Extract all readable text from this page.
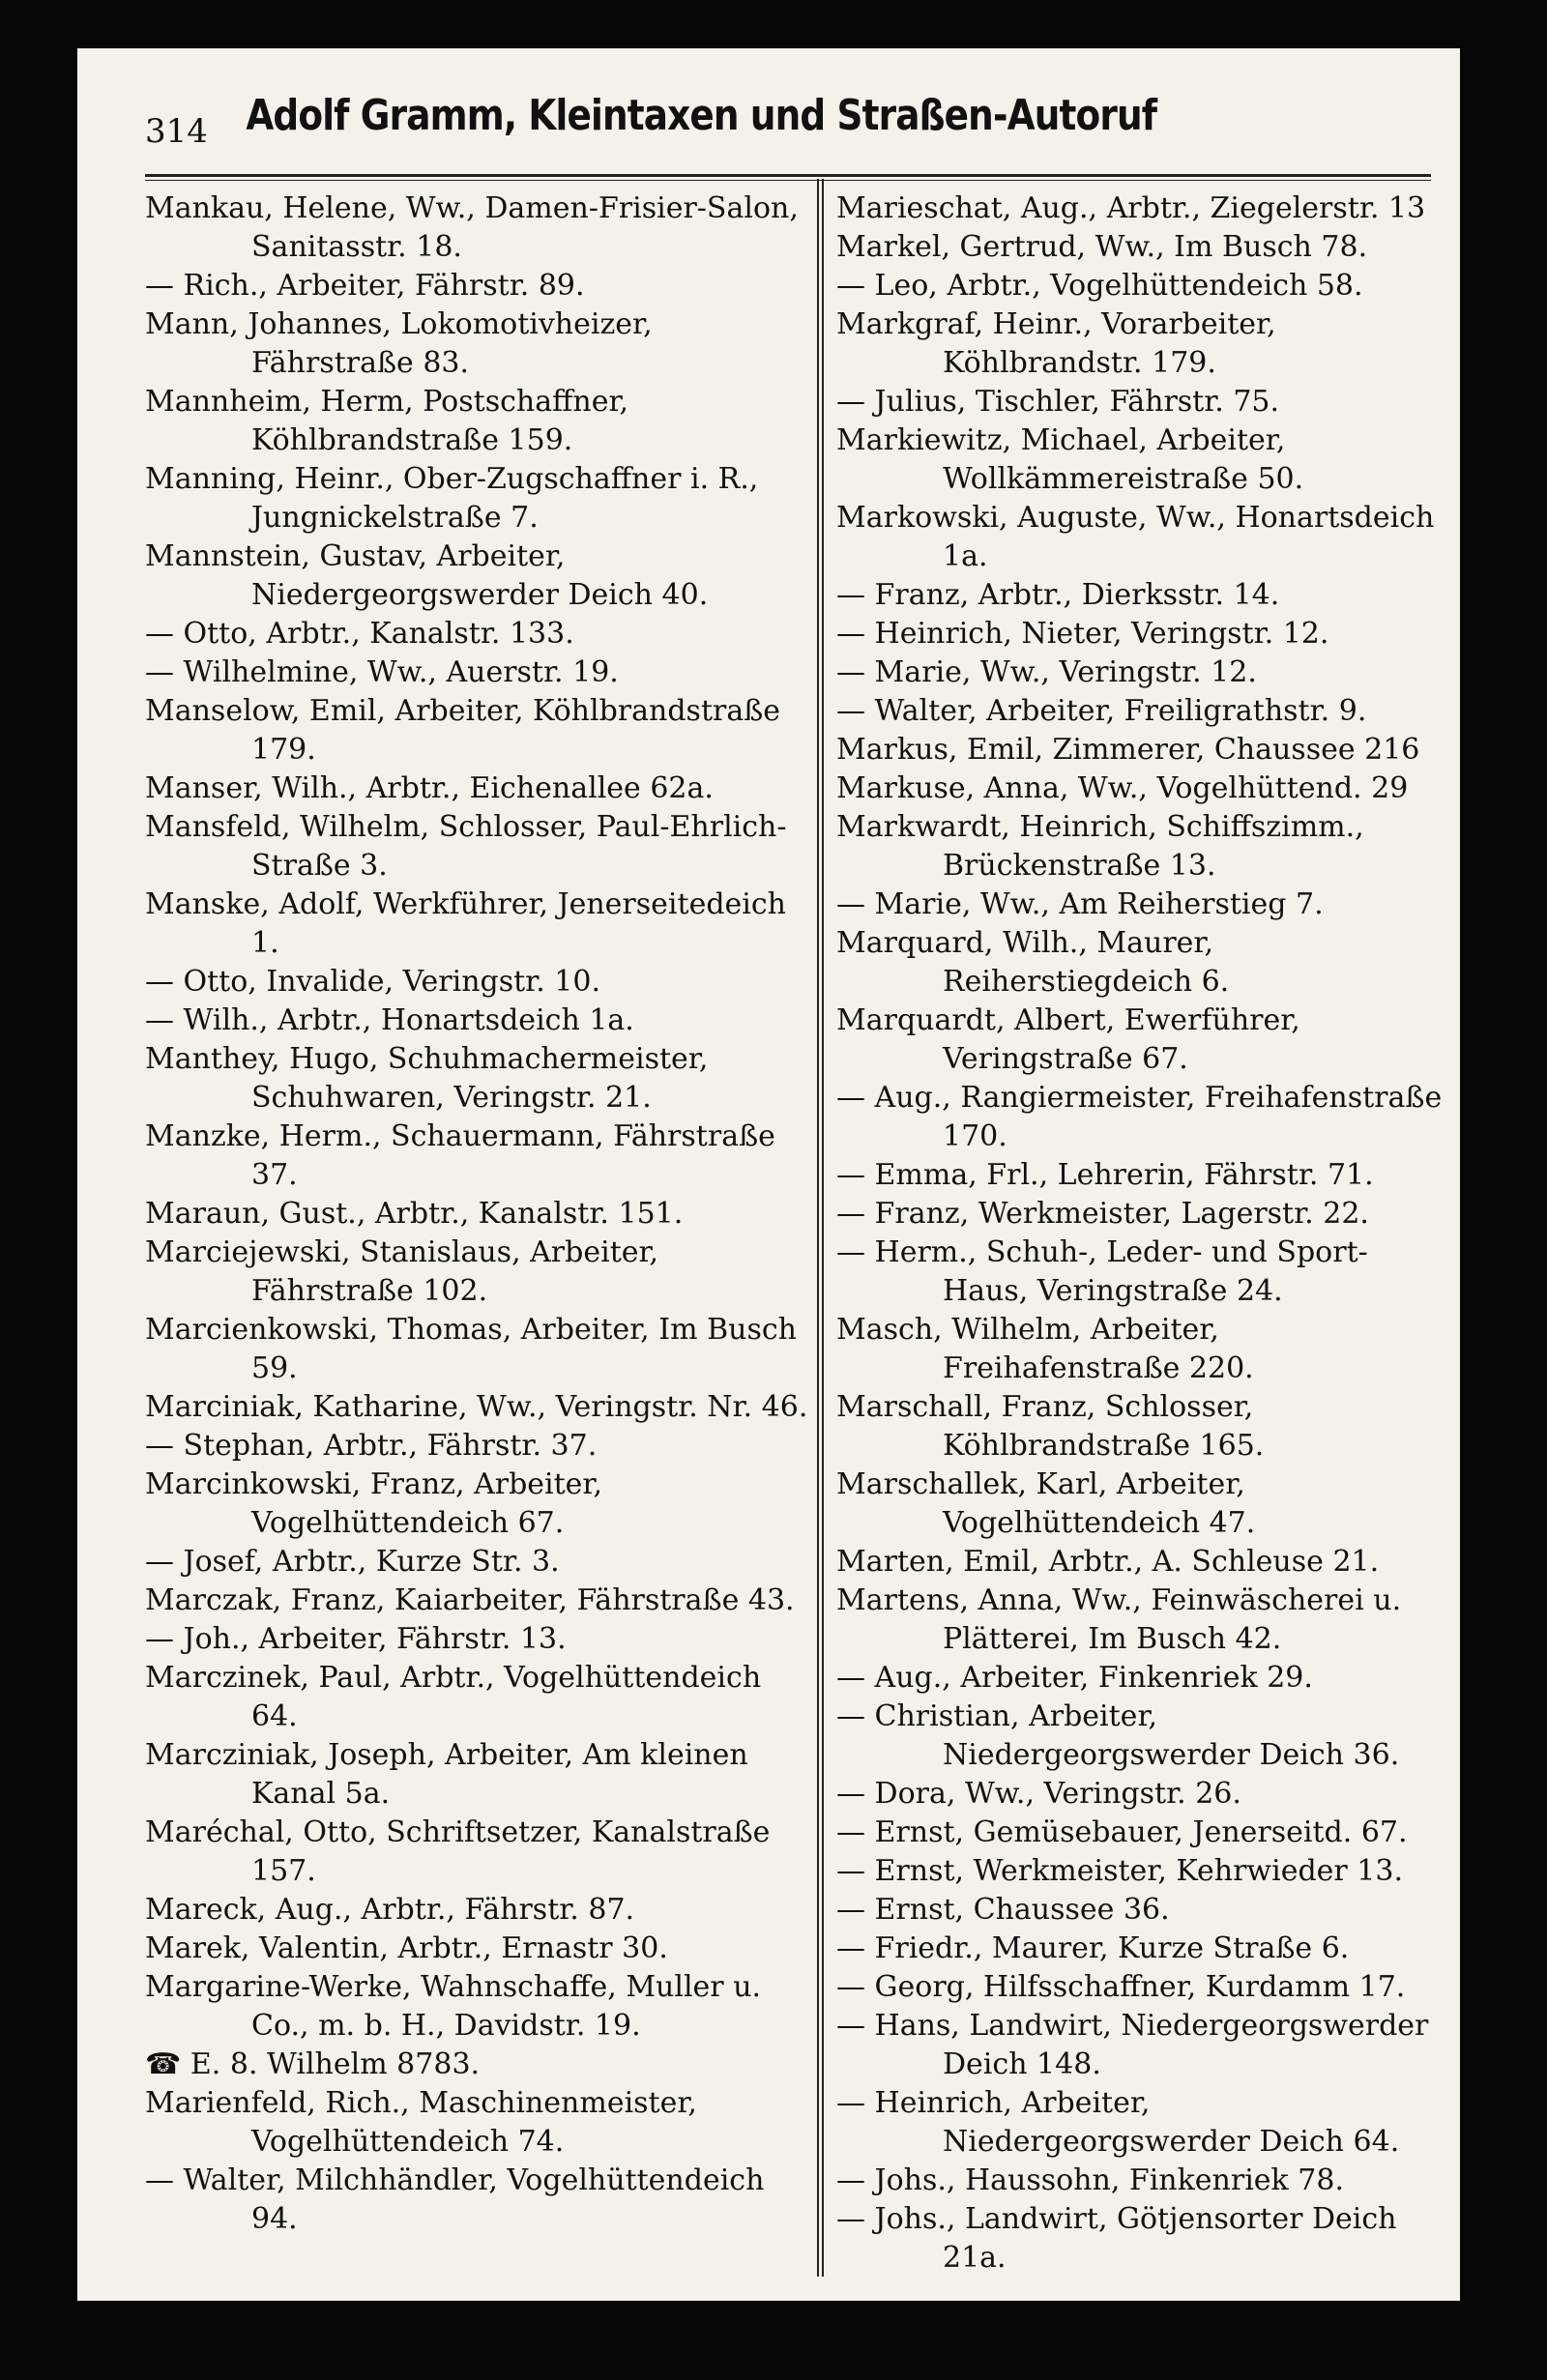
314 Adolf Gramm, Kleintaxen und Straßen-Autoruf

Mankau, Helene, Ww., Damen-Frisier-Salon, Sanitasstr. 18.

— Rich., Arbeiter, Fährstr. 89.

Mann, Johannes, Lokomotivheizer, Fährstraße 83.

Mannheim, Herm, Postschaffner, Köhlbrandstraße 159.

Manning, Heinr., Ober-Zugschaffner i. R., Jungnickelstraße 7.

Mannstein, Gustav, Arbeiter, Niedergeorgswerder Deich 40.

— Otto, Arbtr., Kanalstr. 133.

— Wilhelmine, Ww., Auerstr. 19.

Manselow, Emil, Arbeiter, Köhlbrandstraße 179.

Manser, Wilh., Arbtr., Eichenallee 62a.

Mansfeld, Wilhelm, Schlosser, Paul-Ehrlich-Straße 3.

Manske, Adolf, Werkführer, Jenerseitedeich 1.

— Otto, Invalide, Veringstr. 10.

— Wilh., Arbtr., Honartsdeich 1a.

Manthey, Hugo, Schuhmachermeister, Schuhwaren, Veringstr. 21.

Manzke, Herm., Schauermann, Fährstraße 37.

Maraun, Gust., Arbtr., Kanalstr. 151.

Marciejewski, Stanislaus, Arbeiter, Fährstraße 102.

Marcienkowski, Thomas, Arbeiter, Im Busch 59.

Marciniak, Katharine, Ww., Veringstr. Nr. 46.

— Stephan, Arbtr., Fährstr. 37.

Marcinkowski, Franz, Arbeiter, Vogelhüttendeich 67.

— Josef, Arbtr., Kurze Str. 3.

Marczak, Franz, Kaiarbeiter, Fährstraße 43.

— Joh., Arbeiter, Fährstr. 13.

Marczinek, Paul, Arbtr., Vogelhüttendeich 64.

Marcziniak, Joseph, Arbeiter, Am kleinen Kanal 5a.

Maréchal, Otto, Schriftsetzer, Kanalstraße 157.

Mareck, Aug., Arbtr., Fährstr. 87.

Marek, Valentin, Arbtr., Ernastr 30.

Margarine-Werke, Wahnschaffe, Muller u. Co., m. b. H., Davidstr. 19.

☎ E. 8. Wilhelm 8783.

Marienfeld, Rich., Maschinenmeister, Vogelhüttendeich 74.

— Walter, Milchhändler, Vogelhüttendeich 94.

Marieschat, Aug., Arbtr., Ziegelerstr. 13

Markel, Gertrud, Ww., Im Busch 78.

— Leo, Arbtr., Vogelhüttendeich 58.

Markgraf, Heinr., Vorarbeiter, Köhlbrandstr. 179.

— Julius, Tischler, Fährstr. 75.

Markiewitz, Michael, Arbeiter, Wollkämmereistraße 50.

Markowski, Auguste, Ww., Honartsdeich 1a.

— Franz, Arbtr., Dierksstr. 14.

— Heinrich, Nieter, Veringstr. 12.

— Marie, Ww., Veringstr. 12.

— Walter, Arbeiter, Freiligrathstr. 9.

Markus, Emil, Zimmerer, Chaussee 216

Markuse, Anna, Ww., Vogelhüttend. 29

Markwardt, Heinrich, Schiffszimm., Brückenstraße 13.

— Marie, Ww., Am Reiherstieg 7.

Marquard, Wilh., Maurer, Reiherstiegdeich 6.

Marquardt, Albert, Ewerführer, Veringstraße 67.

— Aug., Rangiermeister, Freihafenstraße 170.

— Emma, Frl., Lehrerin, Fährstr. 71.

— Franz, Werkmeister, Lagerstr. 22.

— Herm., Schuh-, Leder- und Sport-Haus, Veringstraße 24.

Masch, Wilhelm, Arbeiter, Freihafenstraße 220.

Marschall, Franz, Schlosser, Köhlbrandstraße 165.

Marschallek, Karl, Arbeiter, Vogelhüttendeich 47.

Marten, Emil, Arbtr., A. Schleuse 21.

Martens, Anna, Ww., Feinwäscherei u. Plätterei, Im Busch 42.

— Aug., Arbeiter, Finkenriek 29.

— Christian, Arbeiter, Niedergeorgswerder Deich 36.

— Dora, Ww., Veringstr. 26.

— Ernst, Gemüsebauer, Jenerseitd. 67.

— Ernst, Werkmeister, Kehrwieder 13.

— Ernst, Chaussee 36.

— Friedr., Maurer, Kurze Straße 6.

— Georg, Hilfsschaffner, Kurdamm 17.

— Hans, Landwirt, Niedergeorgswerder Deich 148.

— Heinrich, Arbeiter, Niedergeorgswerder Deich 64.

— Johs., Haussohn, Finkenriek 78.

— Johs., Landwirt, Götjensorter Deich 21a.
